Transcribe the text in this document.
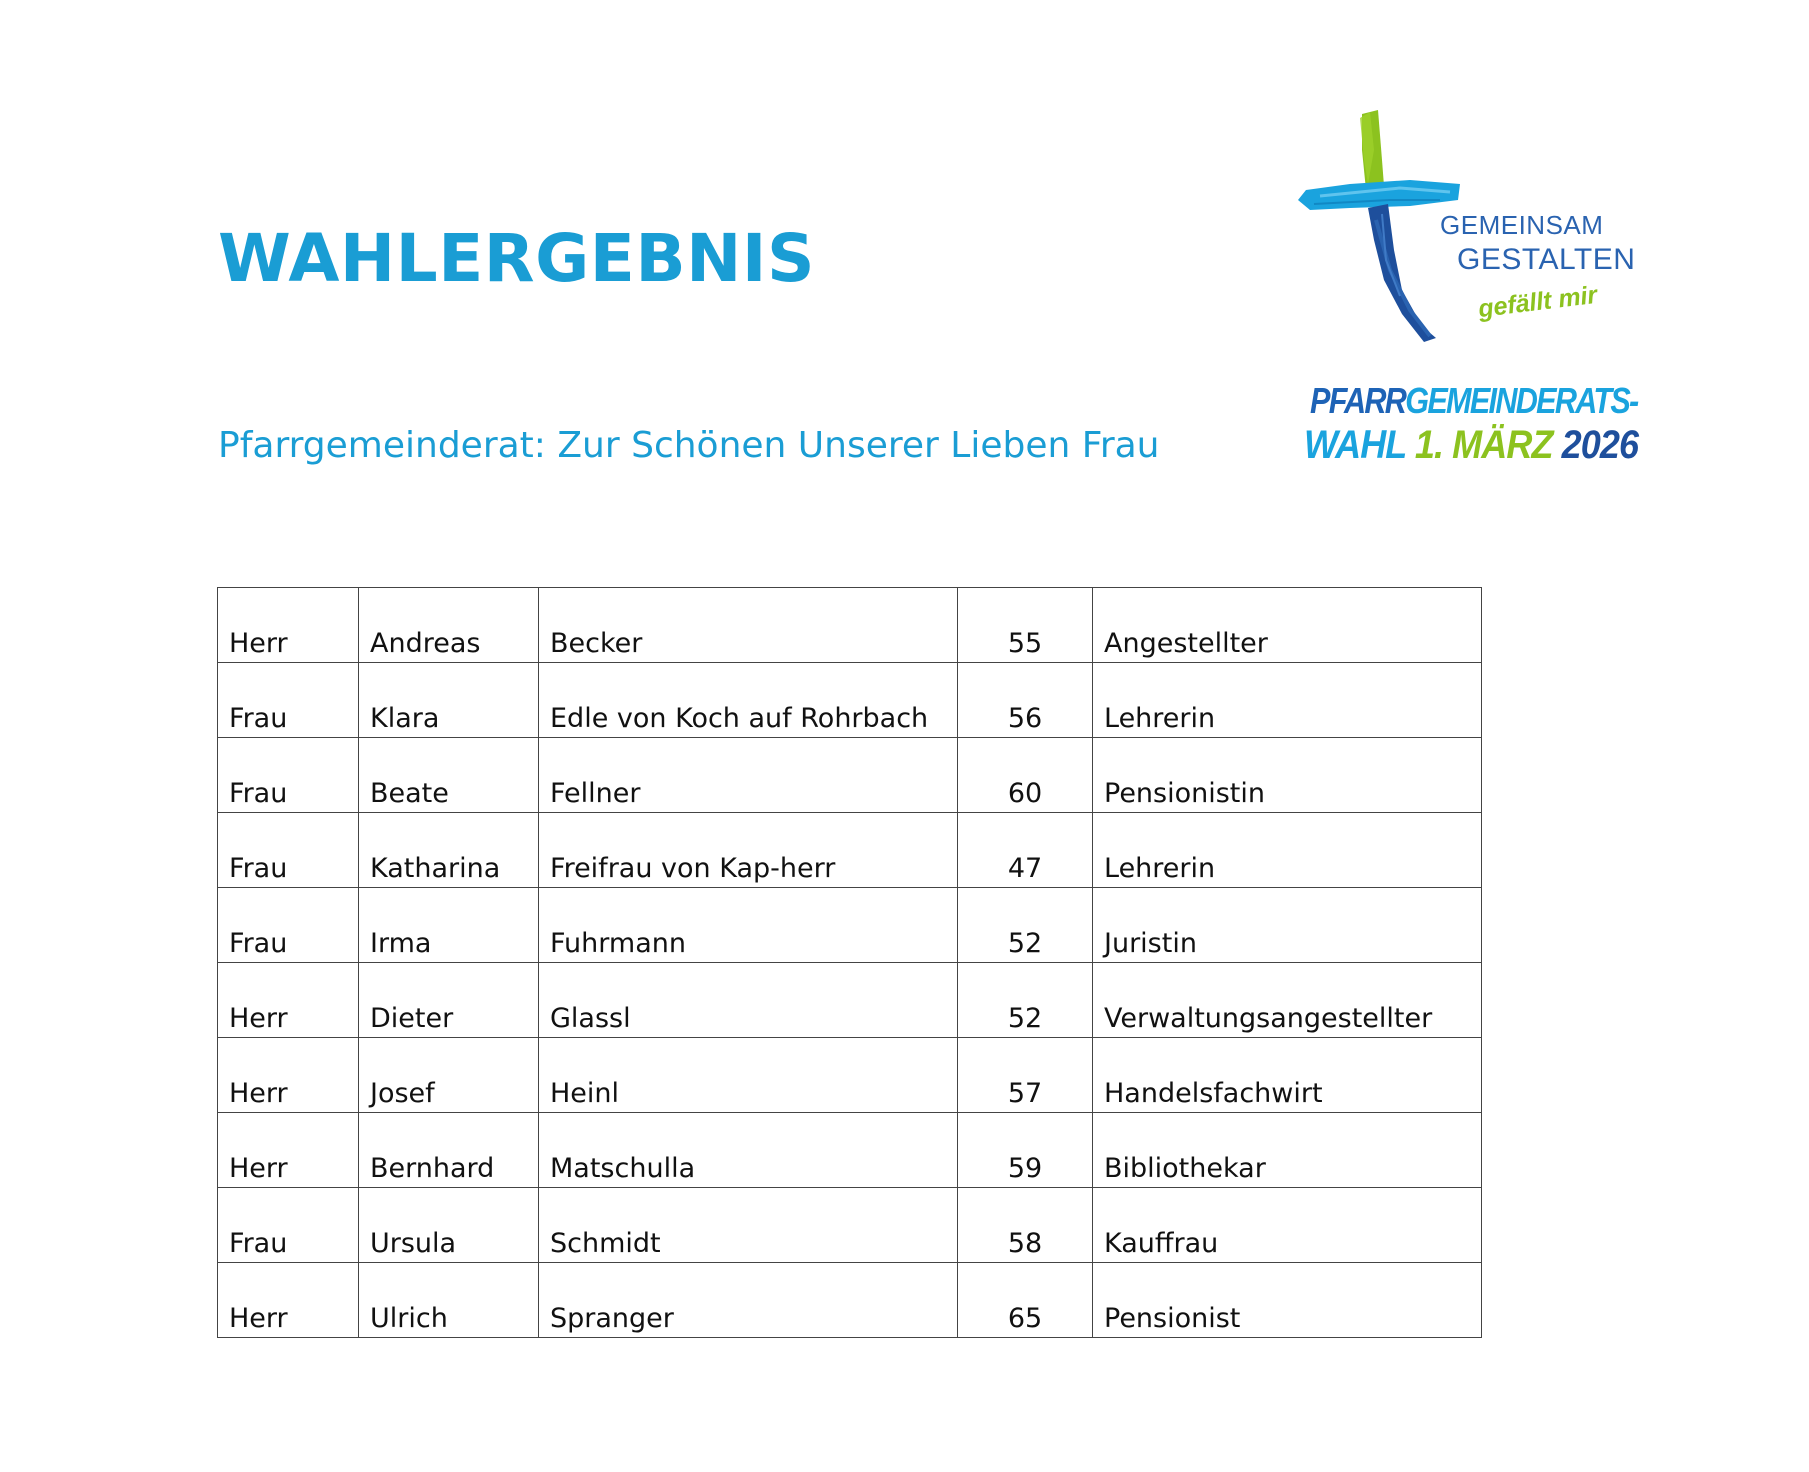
WAHLERGEBNIS
Pfarrgemeinderat: Zur Schönen Unserer Lieben Frau
GEMEINSAM
GESTALTEN
gefällt mir
PFARRGEMEINDERATS-
WAHL 1. MÄRZ 2026
Herr	Andreas	Becker	55	Angestellter
Frau	Klara	Edle von Koch auf Rohrbach	56	Lehrerin
Frau	Beate	Fellner	60	Pensionistin
Frau	Katharina	Freifrau von Kap-herr	47	Lehrerin
Frau	Irma	Fuhrmann	52	Juristin
Herr	Dieter	Glassl	52	Verwaltungsangestellter
Herr	Josef	Heinl	57	Handelsfachwirt
Herr	Bernhard	Matschulla	59	Bibliothekar
Frau	Ursula	Schmidt	58	Kauffrau
Herr	Ulrich	Spranger	65	Pensionist
